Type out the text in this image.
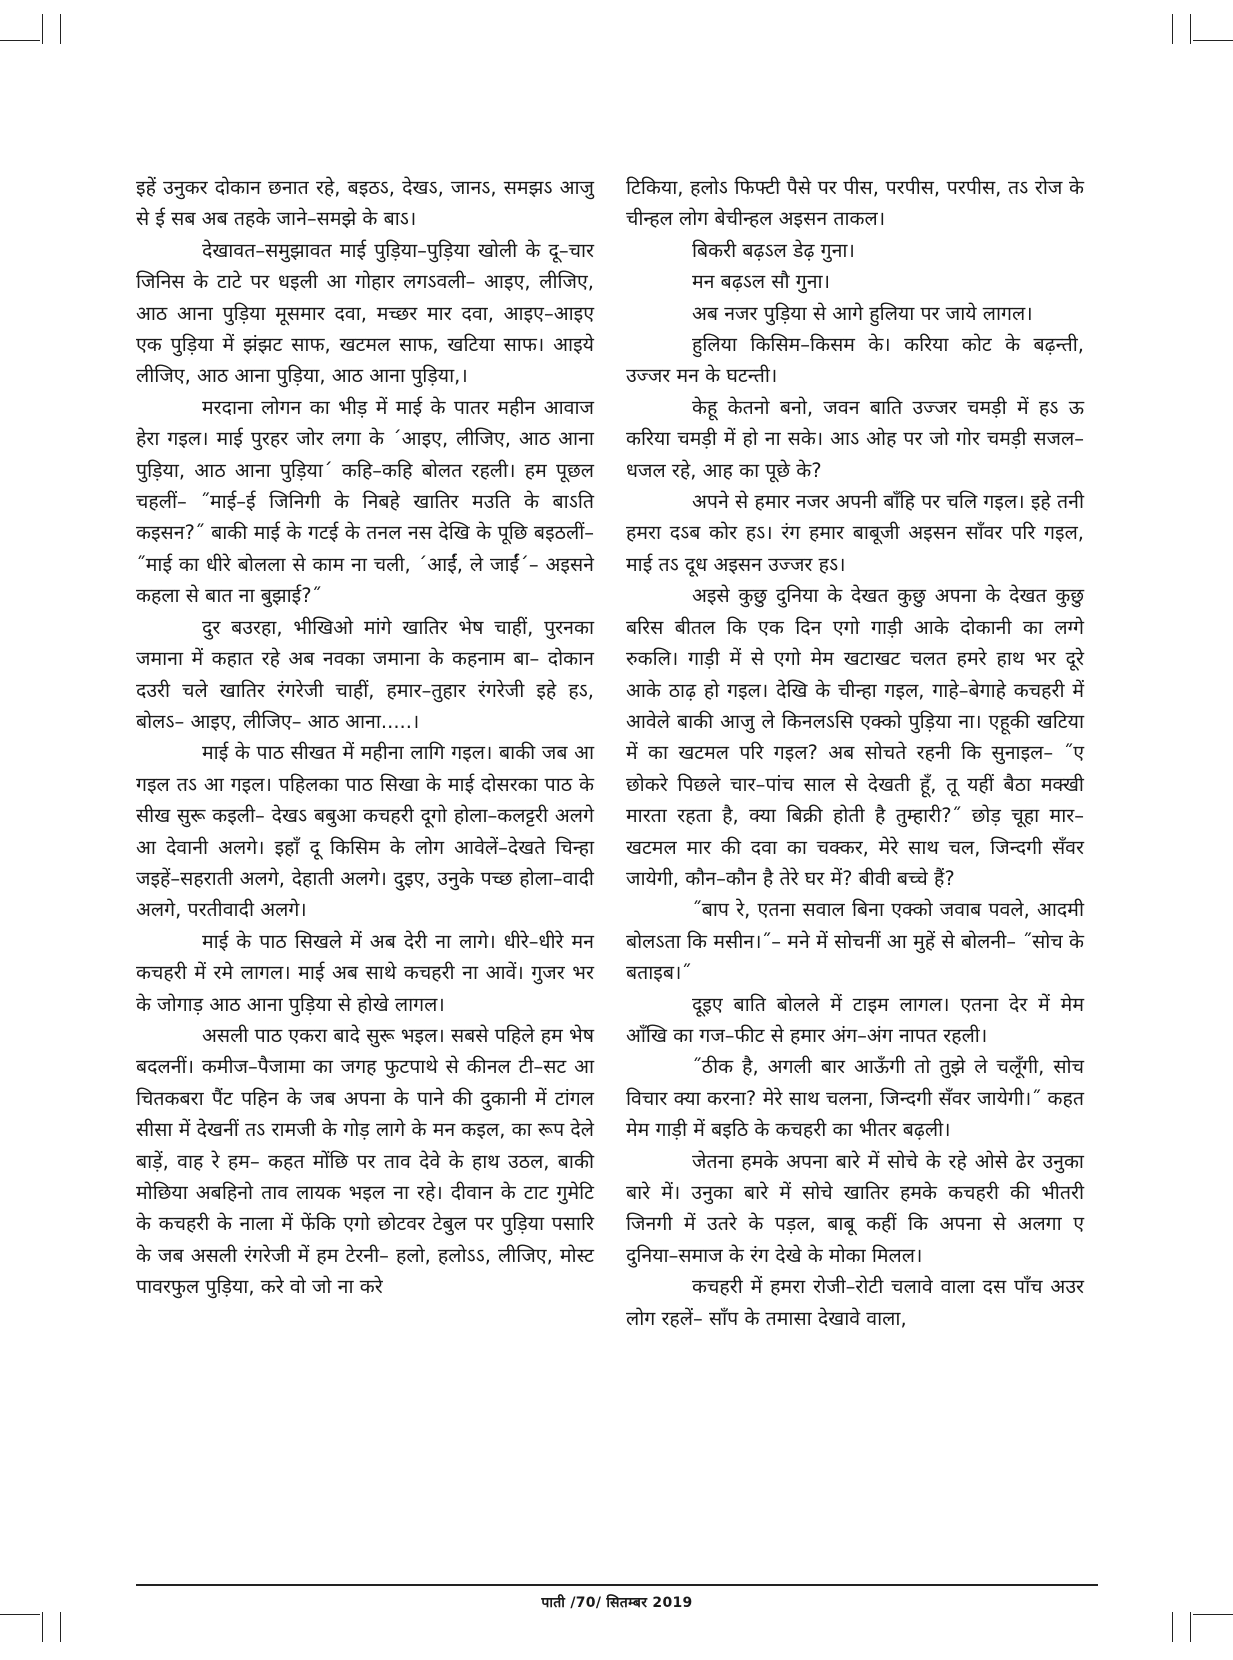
इहें उनुकर दोकान छनात रहे, बइठऽ, देखऽ, जानऽ, समझऽ आजु से ई सब अब तहके जाने–समझे के बाऽ।

देखावत–समुझावत माई पुड़िया–पुड़िया खोली के दू–चार जिनिस के टाटे पर धइली आ गोहार लगऽवली– आइए, लीजिए, आठ आना पुड़िया मूसमार दवा, मच्छर मार दवा, आइए–आइए एक पुड़िया में झंझट साफ, खटमल साफ, खटिया साफ। आइये लीजिए, आठ आना पुड़िया, आठ आना पुड़िया,।

मरदाना लोगन का भीड़ में माई के पातर महीन आवाज हेरा गइल। माई पुरहर जोर लगा के ´आइए, लीजिए, आठ आना पुड़िया, आठ आना पुड़िया´ कहि–कहि बोलत रहली। हम पूछल चहलीं– ˝माई–ई जिनिगी के निबहे खातिर मउति के बाऽति कइसन?˝ बाकी माई के गटई के तनल नस देखि के पूछि बइठलीं–˝माई का धीरे बोलला से काम ना चली, ´आईं, ले जाईं´– अइसने कहला से बात ना बुझाई?˝

दुर बउरहा, भीखिओ मांगे खातिर भेष चाहीं, पुरनका जमाना में कहात रहे अब नवका जमाना के कहनाम बा– दोकान दउरी चले खातिर रंगरेजी चाहीं, हमार–तुहार रंगरेजी इहे हऽ, बोलऽ– आइए, लीजिए– आठ आना.....।

माई के पाठ सीखत में महीना लागि गइल। बाकी जब आ गइल तऽ आ गइल। पहिलका पाठ सिखा के माई दोसरका पाठ के सीख सुरू कइली– देखऽ बबुआ कचहरी दूगो होला–कलट्टरी अलगे आ देवानी अलगे। इहाँ दू किसिम के लोग आवेलें–देखते चिन्हा जइहें–सहराती अलगे, देहाती अलगे। दुइए, उनुके पच्छ होला–वादी अलगे, परतीवादी अलगे।

माई के पाठ सिखले में अब देरी ना लागे। धीरे–धीरे मन कचहरी में रमे लागल। माई अब साथे कचहरी ना आवें। गुजर भर के जोगाड़ आठ आना पुड़िया से होखे लागल।

असली पाठ एकरा बादे सुरू भइल। सबसे पहिले हम भेष बदलनीं। कमीज–पैजामा का जगह फुटपाथे से कीनल टी–सट आ चितकबरा पैंट पहिन के जब अपना के पाने की दुकानी में टांगल सीसा में देखनीं तऽ रामजी के गोड़ लागे के मन कइल, का रूप देले बाड़ें, वाह रे हम– कहत मोंछि पर ताव देवे के हाथ उठल, बाकी मोछिया अबहिनो ताव लायक भइल ना रहे। दीवान के टाट गुमेटि के कचहरी के नाला में फेंकि एगो छोटवर टेबुल पर पुड़िया पसारि के जब असली रंगरेजी में हम टेरनी– हलो, हलोऽऽ, लीजिए, मोस्ट पावरफुल पुड़िया, करे वो जो ना करे

टिकिया, हलोऽ फिफ्टी पैसे पर पीस, परपीस, परपीस, तऽ रोज के चीन्हल लोग बेचीन्हल अइसन ताकल।

बिकरी बढ़ऽल डेढ़ गुना।

मन बढ़ऽल सौ गुना।

अब नजर पुड़िया से आगे हुलिया पर जाये लागल।

हुलिया किसिम–किसम के। करिया कोट के बढ़न्ती, उज्जर मन के घटन्ती।

केहू केतनो बनो, जवन बाति उज्जर चमड़ी में हऽ ऊ करिया चमड़ी में हो ना सके। आऽ ओह पर जो गोर चमड़ी सजल–धजल रहे, आह का पूछे के?

अपने से हमार नजर अपनी बाँहि पर चलि गइल। इहे तनी हमरा दऽब कोर हऽ। रंग हमार बाबूजी अइसन साँवर परि गइल, माई तऽ दूध अइसन उज्जर हऽ।

अइसे कुछु दुनिया के देखत कुछु अपना के देखत कुछु बरिस बीतल कि एक दिन एगो गाड़ी आके दोकानी का लग्गे रुकलि। गाड़ी में से एगो मेम खटाखट चलत हमरे हाथ भर दूरे आके ठाढ़ हो गइल। देखि के चीन्हा गइल, गाहे–बेगाहे कचहरी में आवेले बाकी आजु ले किनलऽसि एक्को पुड़िया ना। एहूकी खटिया में का खटमल परि गइल? अब सोचते रहनी कि सुनाइल– ˝ए छोकरे पिछले चार–पांच साल से देखती हूँ, तू यहीं बैठा मक्खी मारता रहता है, क्या बिक्री होती है तुम्हारी?˝ छोड़ चूहा मार–खटमल मार की दवा का चक्कर, मेरे साथ चल, जिन्दगी सँवर जायेगी, कौन–कौन है तेरे घर में? बीवी बच्चे हैं?

˝बाप रे, एतना सवाल बिना एक्को जवाब पवले, आदमी बोलऽता कि मसीन।˝– मने में सोचनीं आ मुहें से बोलनी– ˝सोच के बताइब।˝

दूइए बाति बोलले में टाइम लागल। एतना देर में मेम आँखि का गज–फीट से हमार अंग–अंग नापत रहली।

˝ठीक है, अगली बार आऊँगी तो तुझे ले चलूँगी, सोच विचार क्या करना? मेरे साथ चलना, जिन्दगी सँवर जायेगी।˝ कहत मेम गाड़ी में बइठि के कचहरी का भीतर बढ़ली।

जेतना हमके अपना बारे में सोचे के रहे ओसे ढेर उनुका बारे में। उनुका बारे में सोचे खातिर हमके कचहरी की भीतरी जिनगी में उतरे के पड़ल, बाबू कहीं कि अपना से अलगा ए दुनिया–समाज के रंग देखे के मोका मिलल।

कचहरी में हमरा रोजी–रोटी चलावे वाला दस पाँच अउर लोग रहलें– साँप के तमासा देखावे वाला,

पाती /70/ सितम्बर 2019
